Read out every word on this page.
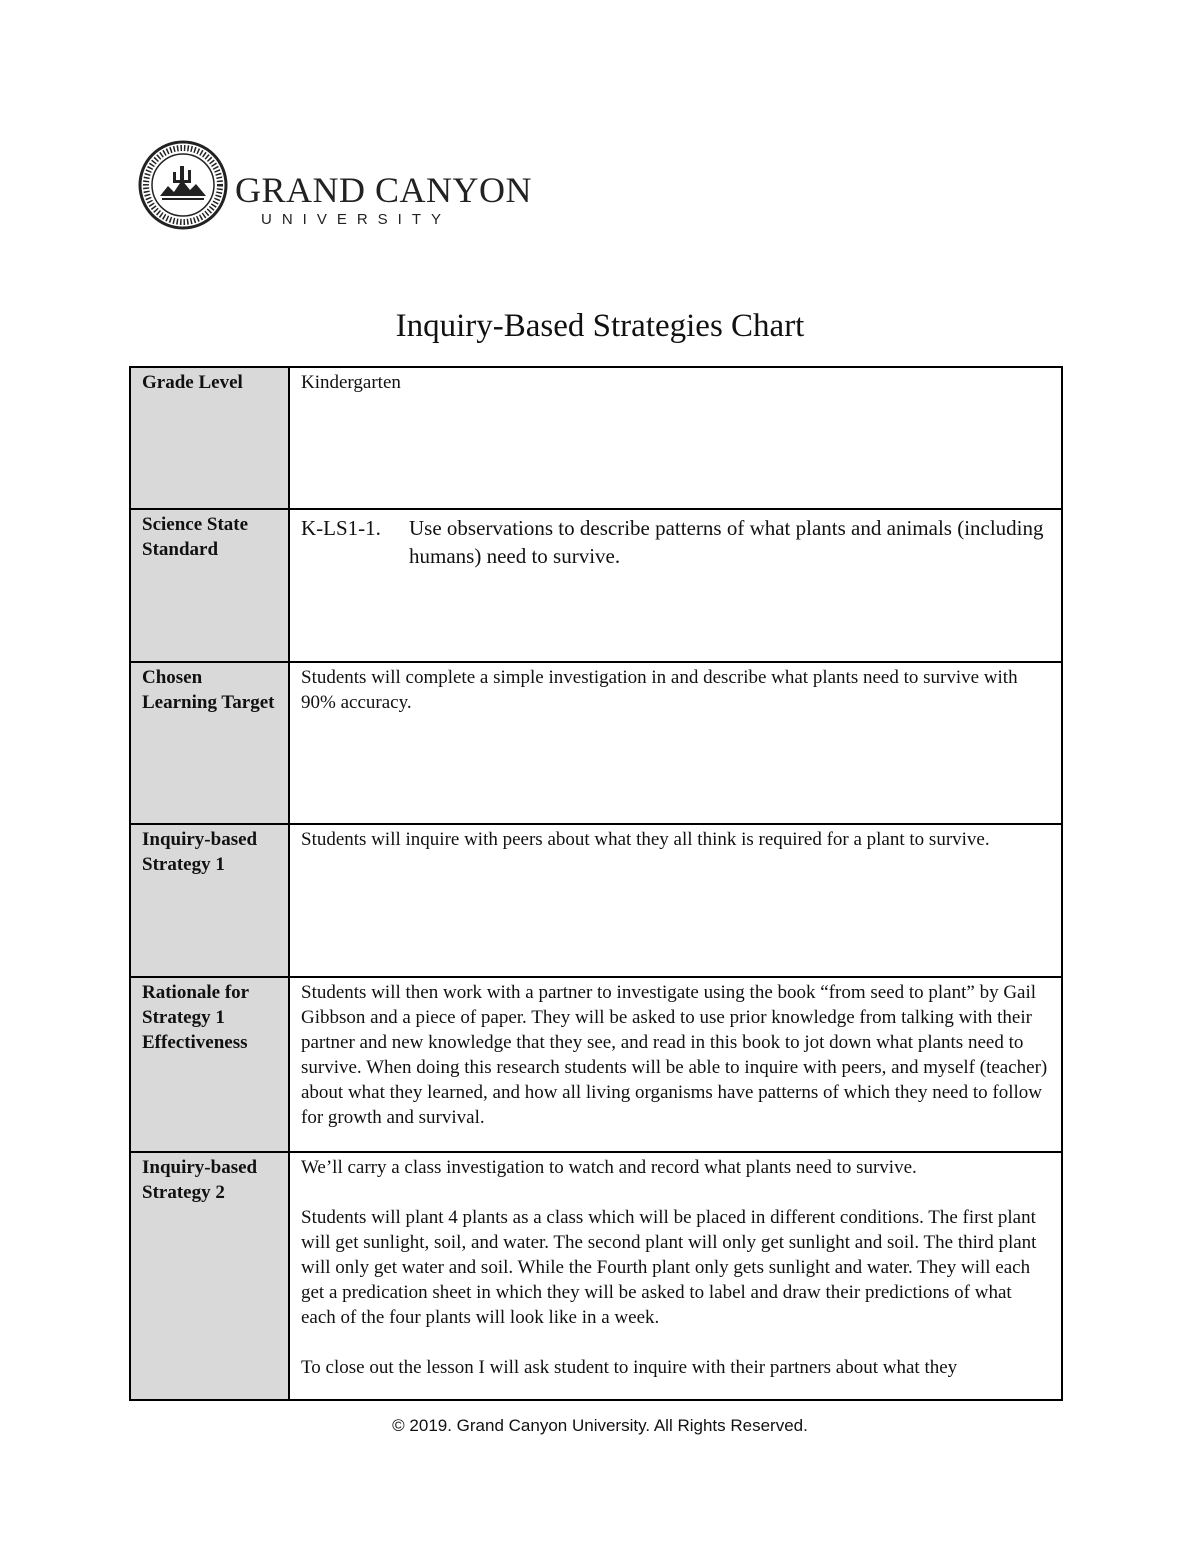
GRAND CANYON
UNIVERSITY
Inquiry-Based Strategies Chart
Grade Level	Kindergarten
Science State Standard	K-LS1-1. Use observations to describe patterns of what plants and animals (including humans) need to survive.
Chosen Learning Target	Students will complete a simple investigation in and describe what plants need to survive with 90% accuracy.
Inquiry-based Strategy 1	Students will inquire with peers about what they all think is required for a plant to survive.
Rationale for Strategy 1 Effectiveness	Students will then work with a partner to investigate using the book “from seed to plant” by Gail Gibbson and a piece of paper. They will be asked to use prior knowledge from talking with their partner and new knowledge that they see, and read in this book to jot down what plants need to survive. When doing this research students will be able to inquire with peers, and myself (teacher) about what they learned, and how all living organisms have patterns of which they need to follow for growth and survival.
Inquiry-based Strategy 2	We’ll carry a class investigation to watch and record what plants need to survive.

Students will plant 4 plants as a class which will be placed in different conditions. The first plant will get sunlight, soil, and water. The second plant will only get sunlight and soil. The third plant will only get water and soil. While the Fourth plant only gets sunlight and water. They will each get a predication sheet in which they will be asked to label and draw their predictions of what each of the four plants will look like in a week.

To close out the lesson I will ask student to inquire with their partners about what they

© 2019. Grand Canyon University. All Rights Reserved.
